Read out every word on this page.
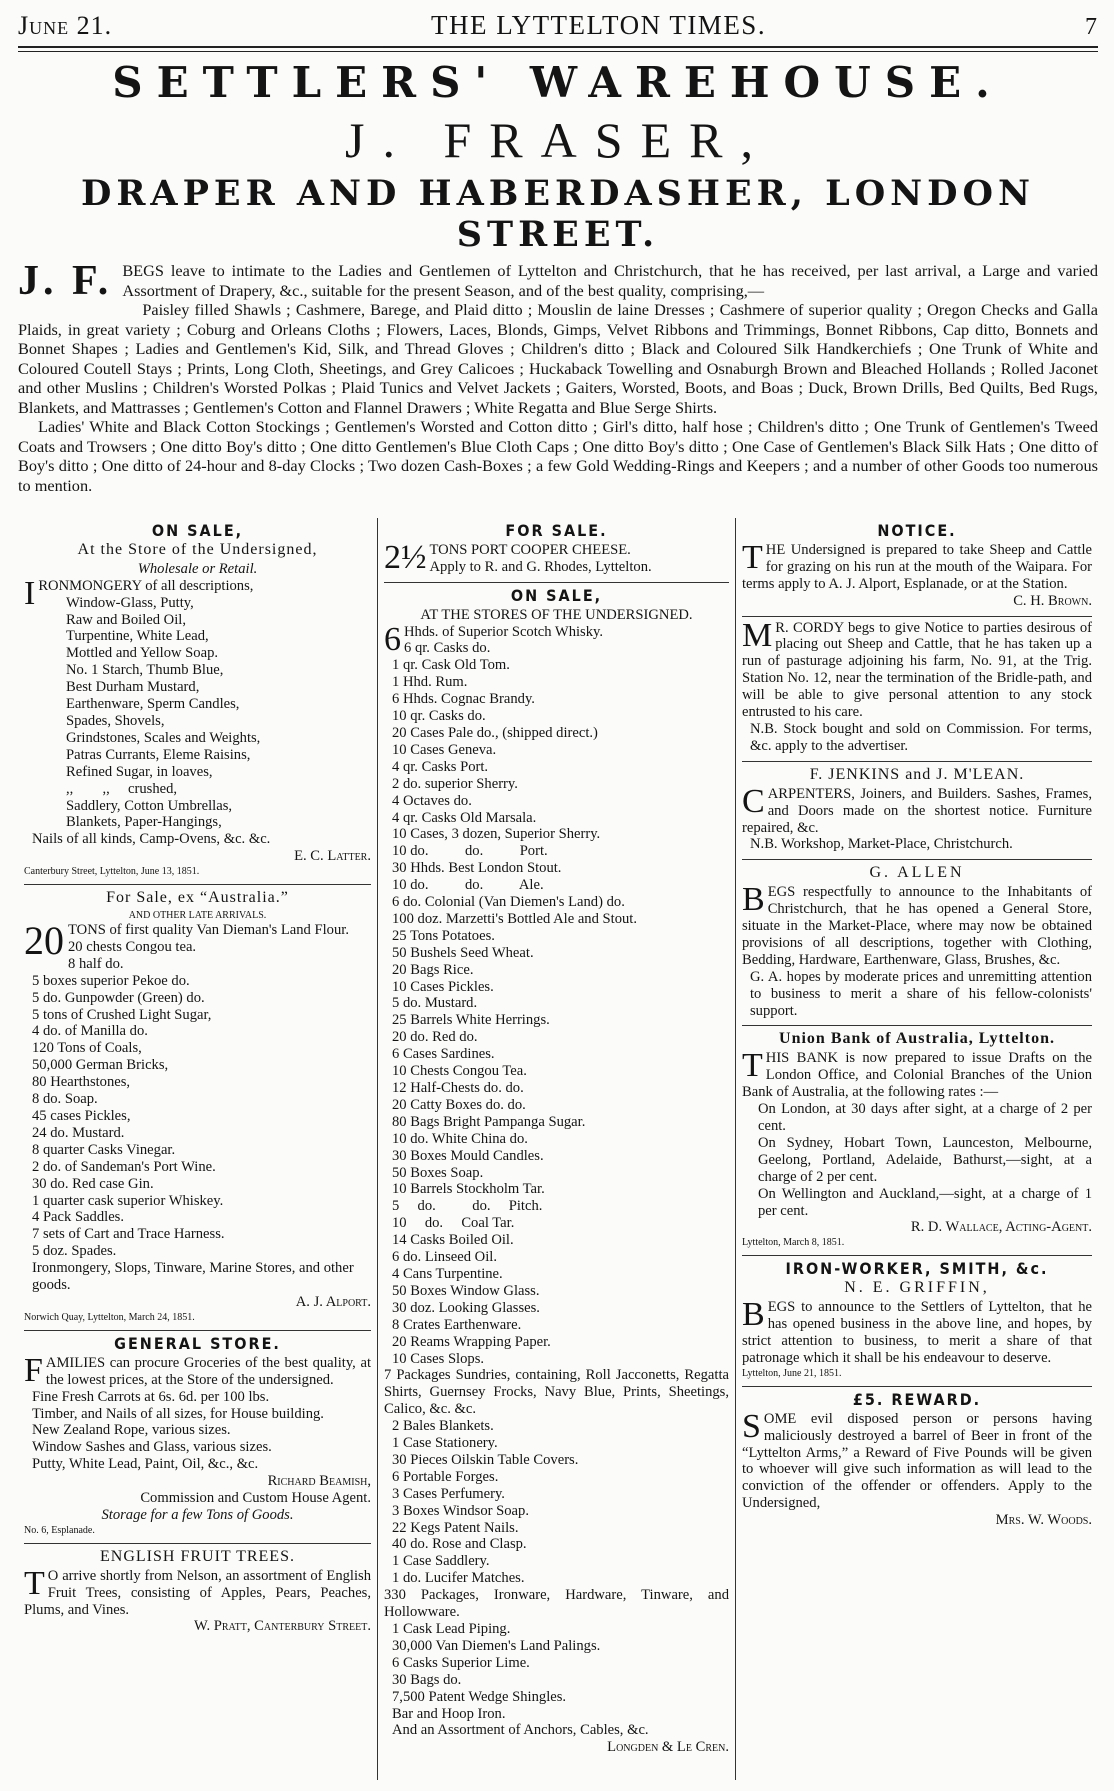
June 21.	THE LYTTELTON TIMES.	7
SETTLERS' WAREHOUSE.
J. FRASER,
DRAPER AND HABERDASHER, LONDON STREET.

J. F. BEGS leave to intimate to the Ladies and Gentlemen of Lyttelton and Christchurch, that he has received, per last arrival, a Large and varied Assortment of Drapery, &c., suitable for the present Season, and of the best quality, comprising,—

Paisley filled Shawls ; Cashmere, Barege, and Plaid ditto ; Mouslin de laine Dresses ; Cashmere of superior quality ; Oregon Checks and Galla Plaids, in great variety ; Coburg and Orleans Cloths ; Flowers, Laces, Blonds, Gimps, Velvet Ribbons and Trimmings, Bonnet Ribbons, Cap ditto, Bonnets and Bonnet Shapes ; Ladies and Gentlemen's Kid, Silk, and Thread Gloves ; Children's ditto ; Black and Coloured Silk Handkerchiefs ; One Trunk of White and Coloured Coutell Stays ; Prints, Long Cloth, Sheetings, and Grey Calicoes ; Huckaback Towelling and Osnaburgh Brown and Bleached Hollands ; Rolled Jaconet and other Muslins ; Children's Worsted Polkas ; Plaid Tunics and Velvet Jackets ; Gaiters, Worsted, Boots, and Boas ; Duck, Brown Drills, Bed Quilts, Bed Rugs, Blankets, and Mattrasses ; Gentlemen's Cotton and Flannel Drawers ; White Regatta and Blue Serge Shirts.

Ladies' White and Black Cotton Stockings ; Gentlemen's Worsted and Cotton ditto ; Girl's ditto, half hose ; Children's ditto ; One Trunk of Gentlemen's Tweed Coats and Trowsers ; One ditto Boy's ditto ; One ditto Gentlemen's Blue Cloth Caps ; One ditto Boy's ditto ; One Case of Gentlemen's Black Silk Hats ; One ditto of Boy's ditto ; One ditto of 24-hour and 8-day Clocks ; Two dozen Cash-Boxes ; a few Gold Wedding-Rings and Keepers ; and a number of other Goods too numerous to mention.

ON SALE,
At the Store of the Undersigned,
Wholesale or Retail.
IRONMONGERY of all descriptions,
Window-Glass, Putty,
Raw and Boiled Oil,
Turpentine, White Lead,
Mottled and Yellow Soap.
No. 1 Starch, Thumb Blue,
Best Durham Mustard,
Earthenware, Sperm Candles,
Spades, Shovels,
Grindstones, Scales and Weights,
Patras Currants, Eleme Raisins,
Refined Sugar, in loaves,
,,        ,,     crushed,
Saddlery, Cotton Umbrellas,
Blankets, Paper-Hangings,
Nails of all kinds, Camp-Ovens, &c. &c.
E. C. Latter.
Canterbury Street, Lyttelton, June 13, 1851.
For Sale, ex “Australia.”
AND OTHER LATE ARRIVALS.
20 TONS of first quality Van Dieman's Land Flour.
20 chests Congou tea.
8 half do.
5 boxes superior Pekoe do.
5 do. Gunpowder (Green) do.
5 tons of Crushed Light Sugar,
4 do. of Manilla do.
120 Tons of Coals,
50,000 German Bricks,
80 Hearthstones,
8 do. Soap.
45 cases Pickles,
24 do. Mustard.
8 quarter Casks Vinegar.
2 do. of Sandeman's Port Wine.
30 do. Red case Gin.
1 quarter cask superior Whiskey.
4 Pack Saddles.
7 sets of Cart and Trace Harness.
5 doz. Spades.
Ironmongery, Slops, Tinware, Marine Stores, and other goods.
A. J. Alport.
Norwich Quay, Lyttelton, March 24, 1851.
GENERAL STORE.
FAMILIES can procure Groceries of the best quality, at the lowest prices, at the Store of the undersigned.
Fine Fresh Carrots at 6s. 6d. per 100 lbs.
Timber, and Nails of all sizes, for House building.
New Zealand Rope, various sizes.
Window Sashes and Glass, various sizes.
Putty, White Lead, Paint, Oil, &c., &c.
Richard Beamish,
Commission and Custom House Agent.
Storage for a few Tons of Goods.
No. 6, Esplanade.
ENGLISH FRUIT TREES.
T O arrive shortly from Nelson, an assortment of English Fruit Trees, consisting of Apples, Pears, Peaches, Plums, and Vines.
W. Pratt, Canterbury Street.
FOR SALE.
2½ TONS PORT COOPER CHEESE.
Apply to R. and G. Rhodes, Lyttelton.
ON SALE,
AT THE STORES OF THE UNDERSIGNED.
6 Hhds. of Superior Scotch Whisky.
6 qr. Casks do.
1 qr. Cask Old Tom.
1 Hhd. Rum.
6 Hhds. Cognac Brandy.
10 qr. Casks do.
20 Cases Pale do., (shipped direct.)
10 Cases Geneva.
4 qr. Casks Port.
2 do. superior Sherry.
4 Octaves do.
4 qr. Casks Old Marsala.
10 Cases, 3 dozen, Superior Sherry.
10 do.          do.          Port.
30 Hhds. Best London Stout.
10 do.          do.          Ale.
6 do. Colonial (Van Diemen's Land) do.
100 doz. Marzetti's Bottled Ale and Stout.
25 Tons Potatoes.
50 Bushels Seed Wheat.
20 Bags Rice.
10 Cases Pickles.
5 do. Mustard.
25 Barrels White Herrings.
20 do. Red do.
6 Cases Sardines.
10 Chests Congou Tea.
12 Half-Chests do. do.
20 Catty Boxes do. do.
80 Bags Bright Pampanga Sugar.
10 do. White China do.
30 Boxes Mould Candles.
50 Boxes Soap.
10 Barrels Stockholm Tar.
5     do.          do.     Pitch.
10     do.     Coal Tar.
14 Casks Boiled Oil.
6 do. Linseed Oil.
4 Cans Turpentine.
50 Boxes Window Glass.
30 doz. Looking Glasses.
8 Crates Earthenware.
20 Reams Wrapping Paper.
10 Cases Slops.
7 Packages Sundries, containing, Roll Jacconetts, Regatta Shirts, Guernsey Frocks, Navy Blue, Prints, Sheetings, Calico, &c. &c.
2 Bales Blankets.
1 Case Stationery.
30 Pieces Oilskin Table Covers.
6 Portable Forges.
3 Cases Perfumery.
3 Boxes Windsor Soap.
22 Kegs Patent Nails.
40 do. Rose and Clasp.
1 Case Saddlery.
1 do. Lucifer Matches.
330 Packages, Ironware, Hardware, Tinware, and Hollowware.
1 Cask Lead Piping.
30,000 Van Diemen's Land Palings.
6 Casks Superior Lime.
30 Bags do.
7,500 Patent Wedge Shingles.
Bar and Hoop Iron.
And an Assortment of Anchors, Cables, &c.
Longden & Le Cren.
NOTICE.
THE Undersigned is prepared to take Sheep and Cattle for grazing on his run at the mouth of the Waipara. For terms apply to A. J. Alport, Esplanade, or at the Station.
C. H. Brown.
M R. CORDY begs to give Notice to parties desirous of placing out Sheep and Cattle, that he has taken up a run of pasturage adjoining his farm, No. 91, at the Trig. Station No. 12, near the termination of the Bridle-path, and will be able to give personal attention to any stock entrusted to his care.
N.B. Stock bought and sold on Commission. For terms, &c. apply to the advertiser.
F. JENKINS and J. M'LEAN.
CARPENTERS, Joiners, and Builders. Sashes, Frames, and Doors made on the shortest notice. Furniture repaired, &c.
N.B. Workshop, Market-Place, Christchurch.
G. ALLEN
BEGS respectfully to announce to the Inhabitants of Christchurch, that he has opened a General Store, situate in the Market-Place, where may now be obtained provisions of all descriptions, together with Clothing, Bedding, Hardware, Earthenware, Glass, Brushes, &c.
G. A. hopes by moderate prices and unremitting attention to business to merit a share of his fellow-colonists' support.
Union Bank of Australia, Lyttelton.
THIS BANK is now prepared to issue Drafts on the London Office, and Colonial Branches of the Union Bank of Australia, at the following rates :—
On London, at 30 days after sight, at a charge of 2 per cent.
On Sydney, Hobart Town, Launceston, Melbourne, Geelong, Portland, Adelaide, Bathurst,—sight, at a charge of 2 per cent.
On Wellington and Auckland,—sight, at a charge of 1 per cent.
R. D. Wallace, Acting-Agent.
Lyttelton, March 8, 1851.
IRON-WORKER, SMITH, &c.
N. E. GRIFFIN,
BEGS to announce to the Settlers of Lyttelton, that he has opened business in the above line, and hopes, by strict attention to business, to merit a share of that patronage which it shall be his endeavour to deserve.
Lyttelton, June 21, 1851.
£5. REWARD.
SOME evil disposed person or persons having maliciously destroyed a barrel of Beer in front of the “Lyttelton Arms,” a Reward of Five Pounds will be given to whoever will give such information as will lead to the conviction of the offender or offenders. Apply to the Undersigned,
Mrs. W. Woods.
